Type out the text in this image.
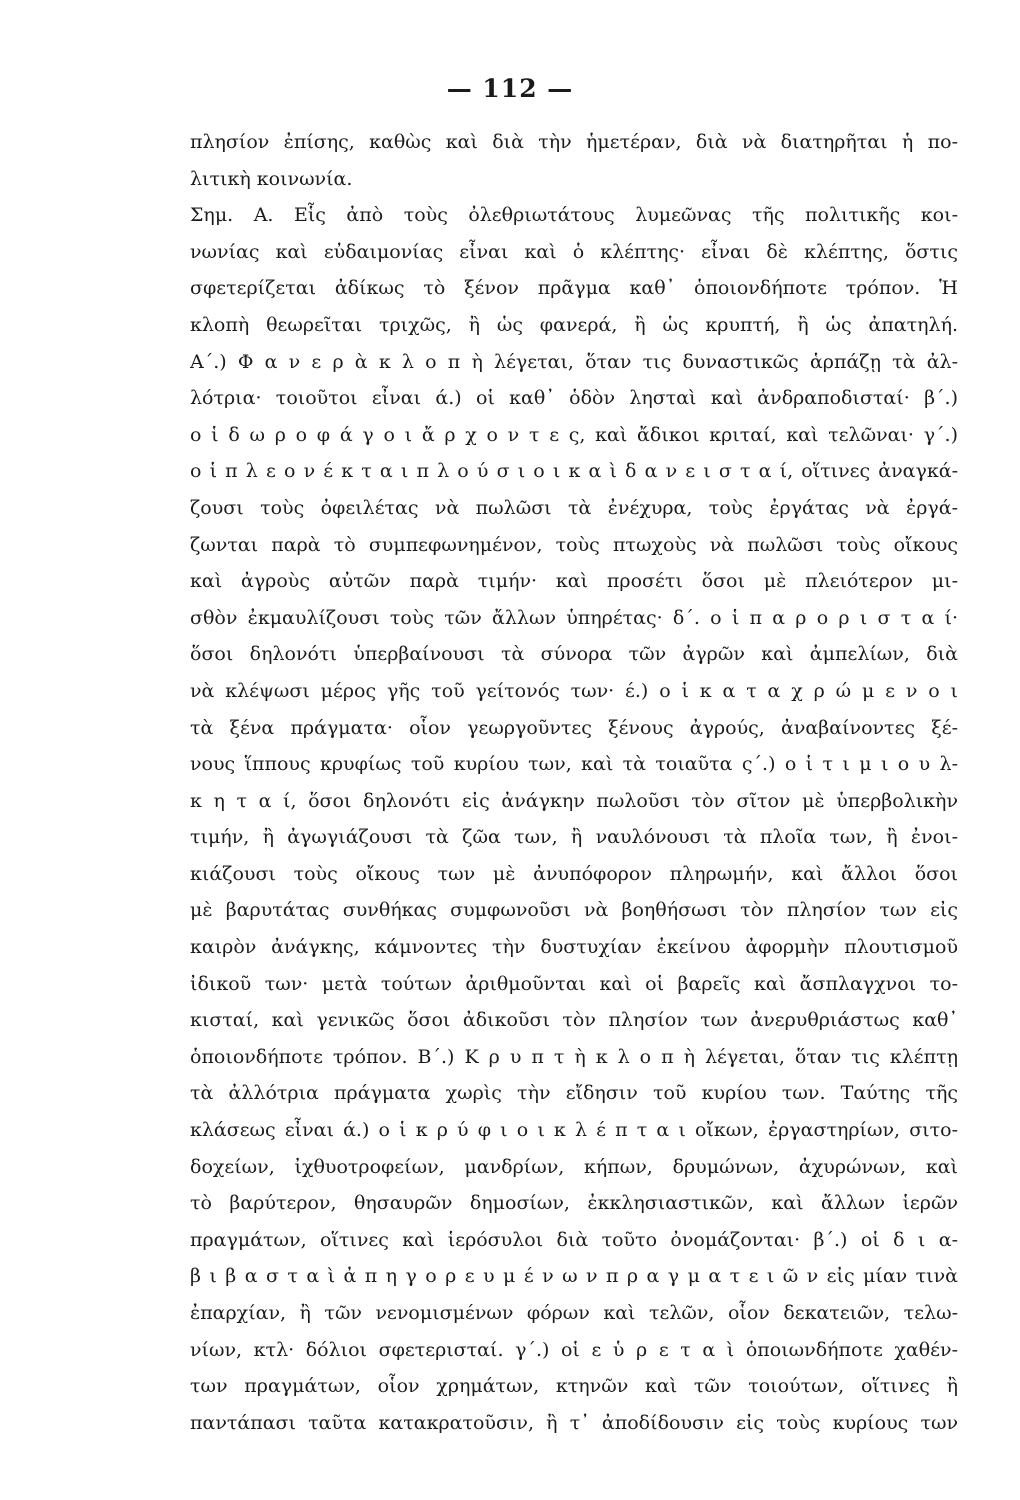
— 112 —
πλησίον ἐπίσης, καθὼς καὶ διὰ τὴν ἡμετέραν, διὰ νὰ διατηρῆται ἡ πο-
λιτικὴ κοινωνία.
Σημ. Α. Εἷς ἀπὸ τοὺς ὀλεθριωτάτους λυμεῶνας τῆς πολιτικῆς κοι-
νωνίας καὶ εὐδαιμονίας εἶναι καὶ ὁ κλέπτης· εἶναι δὲ κλέπτης, ὅστις
σφετερίζεται ἀδίκως τὸ ξένον πρᾶγμα καθ᾽ ὁποιονδήποτε τρόπον. Ἡ
κλοπὴ θεωρεῖται τριχῶς, ἢ ὡς φανερά, ἢ ὡς κρυπτή, ἢ ὡς ἀπατηλή.
Α΄.) Φ α ν ε ρ ὰ κ λ ο π ὴ λέγεται, ὅταν τις δυναστικῶς ἁρπάζῃ τὰ ἀλ-
λότρια· τοιοῦτοι εἶναι ά.) οἱ καθ᾽ ὁδὸν λησταὶ καὶ ἀνδραποδισταί· β΄.)
ο ἱ δ ω ρ ο φ ά γ ο ι ἄ ρ χ ο ν τ ε ς, καὶ ἄδικοι κριταί, καὶ τελῶναι· γ΄.)
ο ἱ π λ ε ο ν έ κ τ α ι π λ ο ύ σ ι ο ι κ α ὶ δ α ν ε ι σ τ α ί, οἵτινες ἀναγκά-
ζουσι τοὺς ὀφειλέτας νὰ πωλῶσι τὰ ἐνέχυρα, τοὺς ἐργάτας νὰ ἐργά-
ζωνται παρὰ τὸ συμπεφωνημένον, τοὺς πτωχοὺς νὰ πωλῶσι τοὺς οἴκους
καὶ ἀγροὺς αὐτῶν παρὰ τιμήν· καὶ προσέτι ὅσοι μὲ πλειότερον μι-
σθὸν ἐκμαυλίζουσι τοὺς τῶν ἄλλων ὑπηρέτας· δ΄. ο ἱ π α ρ ο ρ ι σ τ α ί·
ὅσοι δηλονότι ὑπερβαίνουσι τὰ σύνορα τῶν ἀγρῶν καὶ ἀμπελίων, διὰ
νὰ κλέψωσι μέρος γῆς τοῦ γείτονός των· έ.) ο ἱ κ α τ α χ ρ ώ μ ε ν ο ι
τὰ ξένα πράγματα· οἷον γεωργοῦντες ξένους ἀγρούς, ἀναβαίνοντες ξέ-
νους ἵππους κρυφίως τοῦ κυρίου των, καὶ τὰ τοιαῦτα ς΄.) ο ἱ τ ι μ ι ο υ λ-
κ η τ α ί, ὅσοι δηλονότι εἰς ἀνάγκην πωλοῦσι τὸν σῖτον μὲ ὑπερβολικὴν
τιμήν, ἢ ἀγωγιάζουσι τὰ ζῶα των, ἢ ναυλόνουσι τὰ πλοῖα των, ἢ ἐνοι-
κιάζουσι τοὺς οἴκους των μὲ ἀνυπόφορον πληρωμήν, καὶ ἄλλοι ὅσοι
μὲ βαρυτάτας συνθήκας συμφωνοῦσι νὰ βοηθήσωσι τὸν πλησίον των εἰς
καιρὸν ἀνάγκης, κάμνοντες τὴν δυστυχίαν ἐκείνου ἀφορμὴν πλουτισμοῦ
ἰδικοῦ των· μετὰ τούτων ἀριθμοῦνται καὶ οἱ βαρεῖς καὶ ἄσπλαγχνοι το-
κισταί, καὶ γενικῶς ὅσοι ἀδικοῦσι τὸν πλησίον των ἀνερυθριάστως καθ᾽
ὁποιονδήποτε τρόπον. Β΄.) Κ ρ υ π τ ὴ κ λ ο π ὴ λέγεται, ὅταν τις κλέπτῃ
τὰ ἀλλότρια πράγματα χωρὶς τὴν εἴδησιν τοῦ κυρίου των. Ταύτης τῆς
κλάσεως εἶναι ά.) ο ἱ κ ρ ύ φ ι ο ι κ λ έ π τ α ι οἴκων, ἐργαστηρίων, σιτο-
δοχείων, ἰχθυοτροφείων, μανδρίων, κήπων, δρυμώνων, ἀχυρώνων, καὶ
τὸ βαρύτερον, θησαυρῶν δημοσίων, ἐκκλησιαστικῶν, καὶ ἄλλων ἱερῶν
πραγμάτων, οἵτινες καὶ ἱερόσυλοι διὰ τοῦτο ὀνομάζονται· β΄.) οἱ δ ι α-
β ι β α σ τ α ὶ ἀ π η γ ο ρ ε υ μ έ ν ω ν π ρ α γ μ α τ ε ι ῶ ν εἰς μίαν τινὰ
ἐπαρχίαν, ἢ τῶν νενομισμένων φόρων καὶ τελῶν, οἷον δεκατειῶν, τελω-
νίων, κτλ· δόλιοι σφετερισταί. γ΄.) οἱ ε ὑ ρ ε τ α ὶ ὁποιωνδήποτε χαθέν-
των πραγμάτων, οἷον χρημάτων, κτηνῶν καὶ τῶν τοιούτων, οἵτινες ἢ
παντάπασι ταῦτα κατακρατοῦσιν, ἢ τ᾽ ἀποδίδουσιν εἰς τοὺς κυρίους των
